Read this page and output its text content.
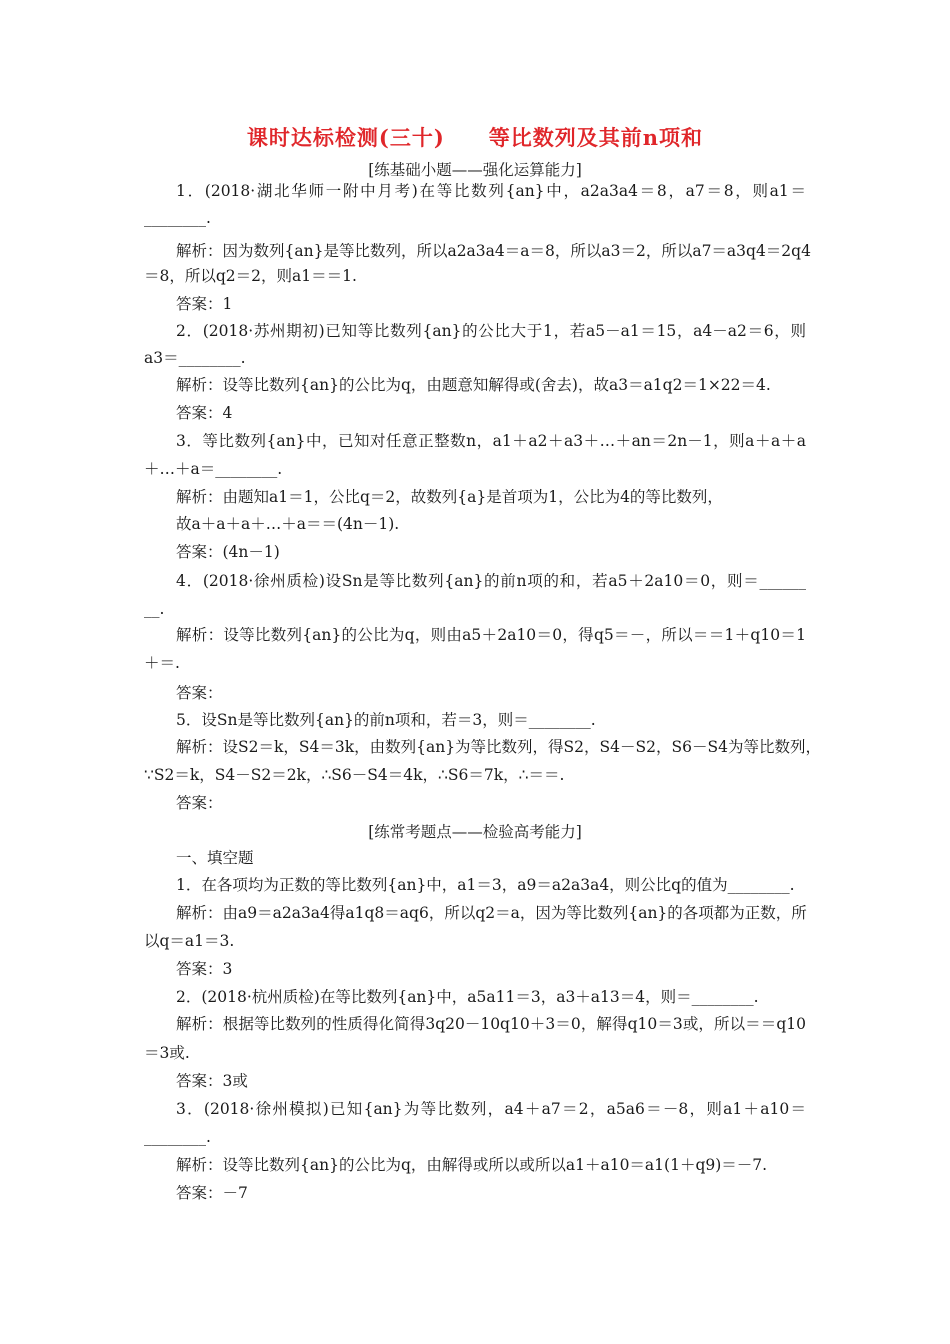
课时达标检测(三十)　　等比数列及其前n项和
[练基础小题——强化运算能力]
1．(2018·湖北华师一附中月考)在等比数列{an}中，a2a3a4＝8，a7＝8，则a1＝
________.
解析：因为数列{an}是等比数列，所以a2a3a4＝a＝8，所以a3＝2，所以a7＝a3q4＝2q4
＝8，所以q2＝2，则a1＝＝1.
答案：1
2．(2018·苏州期初)已知等比数列{an}的公比大于1，若a5－a1＝15，a4－a2＝6，则
a3＝________.
解析：设等比数列{an}的公比为q，由题意知解得或(舍去)，故a3＝a1q2＝1×22＝4.
答案：4
3．等比数列{an}中，已知对任意正整数n，a1＋a2＋a3＋…＋an＝2n－1，则a＋a＋a
＋…＋a＝________.
解析：由题知a1＝1，公比q＝2，故数列{a}是首项为1，公比为4的等比数列，
故a＋a＋a＋…＋a＝＝(4n－1).
答案：(4n－1)
4．(2018·徐州质检)设Sn是等比数列{an}的前n项的和，若a5＋2a10＝0，则＝______
__.
解析：设等比数列{an}的公比为q，则由a5＋2a10＝0，得q5＝－，所以＝＝1＋q10＝1
＋＝.
答案：
5．设Sn是等比数列{an}的前n项和，若＝3，则＝________.
解析：设S2＝k，S4＝3k，由数列{an}为等比数列，得S2，S4－S2，S6－S4为等比数列，
∵S2＝k，S4－S2＝2k，∴S6－S4＝4k，∴S6＝7k，∴＝＝.
答案：
[练常考题点——检验高考能力]
一、填空题
1．在各项均为正数的等比数列{an}中，a1＝3，a9＝a2a3a4，则公比q的值为________.
解析：由a9＝a2a3a4得a1q8＝aq6，所以q2＝a，因为等比数列{an}的各项都为正数，所
以q＝a1＝3.
答案：3
2．(2018·杭州质检)在等比数列{an}中，a5a11＝3，a3＋a13＝4，则＝________.
解析：根据等比数列的性质得化简得3q20－10q10＋3＝0，解得q10＝3或，所以＝＝q10
＝3或.
答案：3或
3．(2018·徐州模拟)已知{an}为等比数列，a4＋a7＝2，a5a6＝－8，则a1＋a10＝
________.
解析：设等比数列{an}的公比为q，由解得或所以或所以a1＋a10＝a1(1＋q9)＝－7.
答案：－7
